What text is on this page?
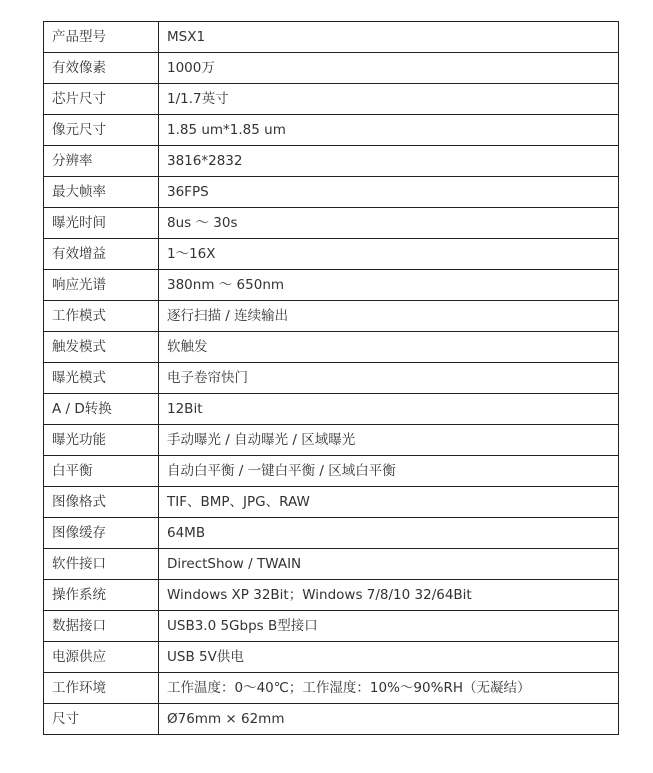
产品型号	MSX1
有效像素	1000万
芯片尺寸	1/1.7英寸
像元尺寸	1.85 um*1.85 um
分辨率	3816*2832
最大帧率	36FPS
曝光时间	8us ～ 30s
有效增益	1～16X
响应光谱	380nm ～ 650nm
工作模式	逐行扫描 / 连续输出
触发模式	软触发
曝光模式	电子卷帘快门
A / D转换	12Bit
曝光功能	手动曝光 / 自动曝光 / 区域曝光
白平衡	自动白平衡 / 一键白平衡 / 区域白平衡
图像格式	TIF、BMP、JPG、RAW
图像缓存	64MB
软件接口	DirectShow / TWAIN
操作系统	Windows XP 32Bit；Windows 7/8/10 32/64Bit
数据接口	USB3.0 5Gbps B型接口
电源供应	USB 5V供电
工作环境	工作温度：0～40℃；工作湿度：10%～90%RH（无凝结）
尺寸	Ø76mm × 62mm
